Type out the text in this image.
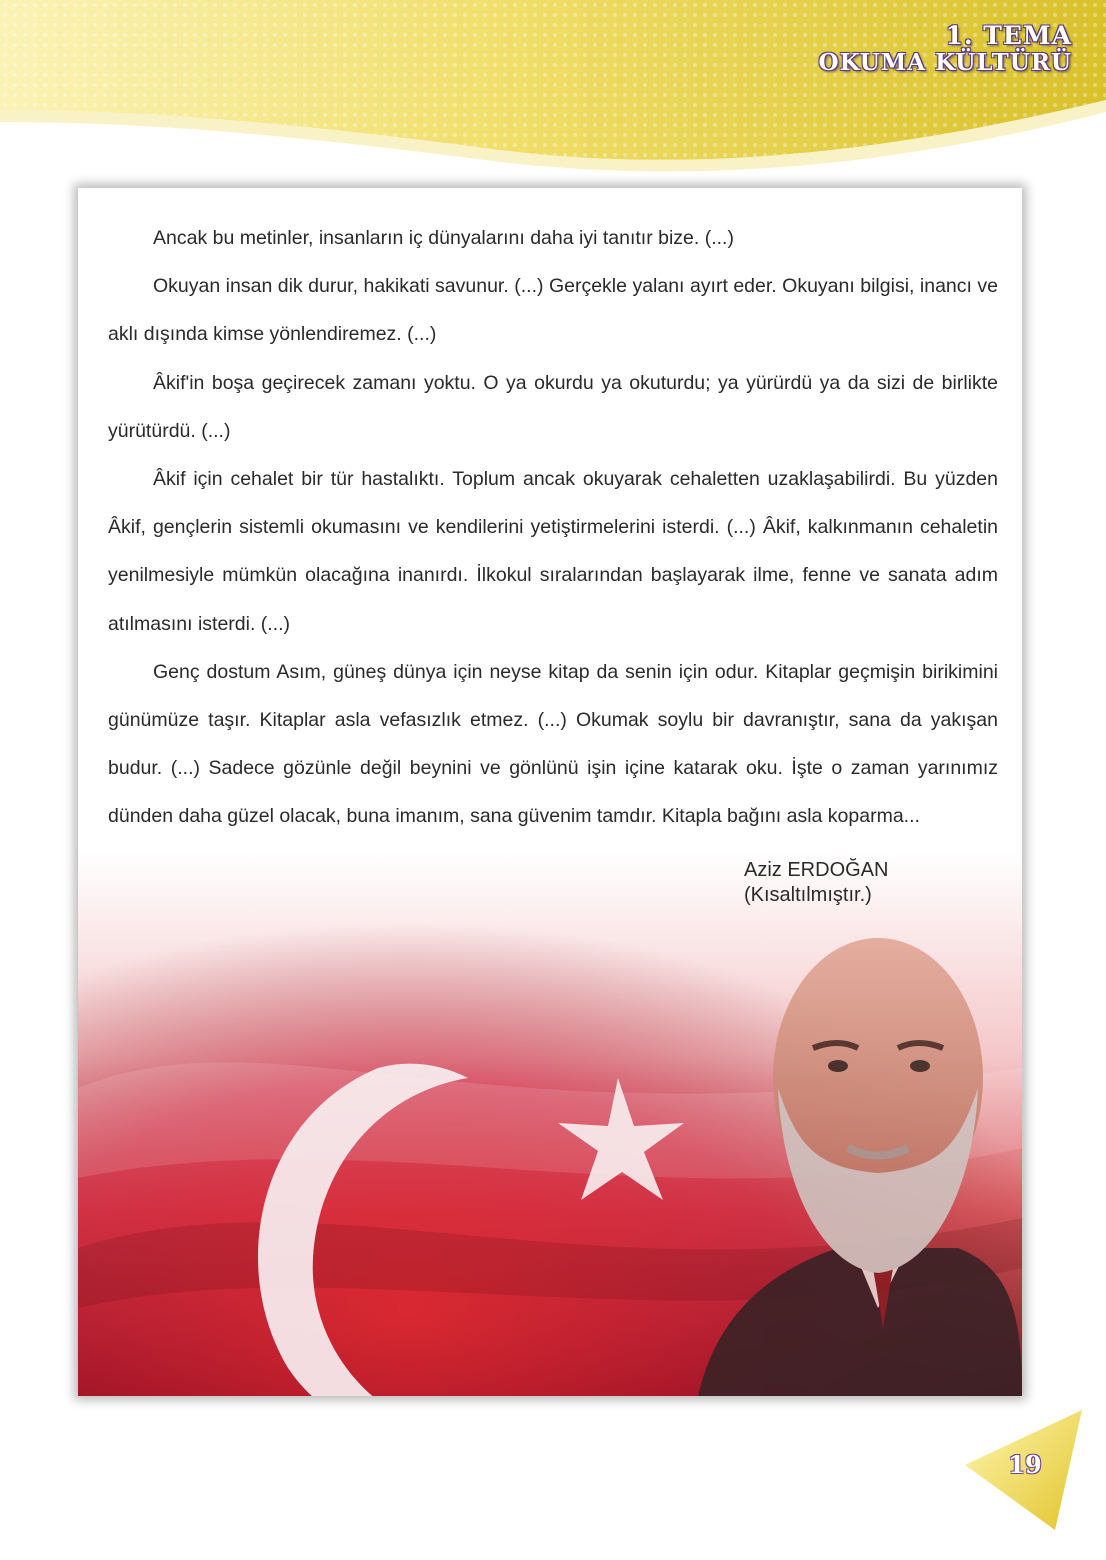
1. TEMA
OKUMA KÜLTÜRÜ

Ancak bu metinler, insanların iç dünyalarını daha iyi tanıtır bize. (...)

Okuyan insan dik durur, hakikati savunur. (...) Gerçekle yalanı ayırt eder. Okuyanı bilgisi, inancı ve aklı dışında kimse yönlendiremez. (...)

Âkif'in boşa geçirecek zamanı yoktu. O ya okurdu ya okuturdu; ya yürürdü ya da sizi de birlikte yürütürdü. (...)

Âkif için cehalet bir tür hastalıktı. Toplum ancak okuyarak cehaletten uzaklaşabilirdi. Bu yüzden Âkif, gençlerin sistemli okumasını ve kendilerini yetiştirmelerini isterdi. (...) Âkif, kalkınmanın cehaletin yenilmesiyle mümkün olacağına inanırdı. İlkokul sıralarından başlayarak ilme, fenne ve sanata adım atılmasını isterdi. (...)

Genç dostum Asım, güneş dünya için neyse kitap da senin için odur. Kitaplar geçmişin birikimini günümüze taşır. Kitaplar asla vefasızlık etmez. (...) Okumak soylu bir davranıştır, sana da yakışan budur. (...) Sadece gözünle değil beynini ve gönlünü işin içine katarak oku. İşte o zaman yarınımız dünden daha güzel olacak, buna imanım, sana güvenim tamdır. Kitapla bağını asla koparma...

Aziz ERDOĞAN
(Kısaltılmıştır.)
19
